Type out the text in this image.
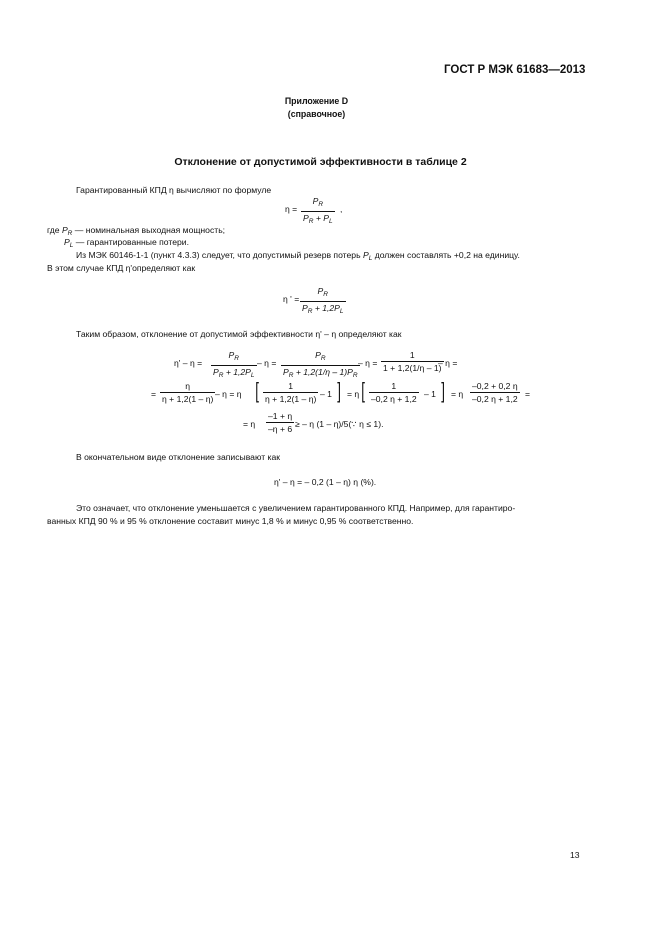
ГОСТ Р МЭК 61683—2013
Приложение D
(справочное)
Отклонение от допустимой эффективности в таблице 2
Гарантированный КПД η вычисляют по формуле
$\eta = \frac{P_R}{P_R + P_L}$ ,
где $P_R$ — номинальная выходная мощность;
$P_L$ — гарантированные потери.
Из МЭК 60146-1-1 (пункт 4.3.3) следует, что допустимый резерв потерь $P_L$ должен составлять +0,2 на единицу.
В этом случае КПД η'определяют как
η ' = $\frac{P_R}{P_R + 1,2P_L}$
.
Таким образом, отклонение от допустимой эффективности η' – η определяют как
$\eta' - \eta = \frac{P_R}{P_R + 1,2P_L} - \eta = \frac{P_R}{P_R + 1,2(1/\eta - 1)P_R}$
– $\eta = \frac{1}{1 + 1,2(1/\eta - 1)}$
– η =
= $\frac{\eta}{\eta + 1,2(1 - \eta)} - \eta = \eta$ [ $\frac{1}{\eta + 1,2(1 - \eta)} - 1$ ] = η [ $\frac{1}{-0,2 \eta + 1,2} - 1$ ] = η $\frac{-0,2 + 0,2 \eta}{-0,2 \eta + 1,2}$ =
= η $\frac{-1 + \eta}{-\eta + 6}$ ≥ – η (1 – η)/5(∵ η ≤ 1).
В окончательном виде отклонение записывают как
η' – η = – 0,2 (1 – η) η (%).
Это означает, что отклонение уменьшается с увеличением гарантированного КПД. Например, для гарантиро-
ванных КПД 90 % и 95 % отклонение составит минус 1,8 % и минус 0,95 % соответственно.
13
